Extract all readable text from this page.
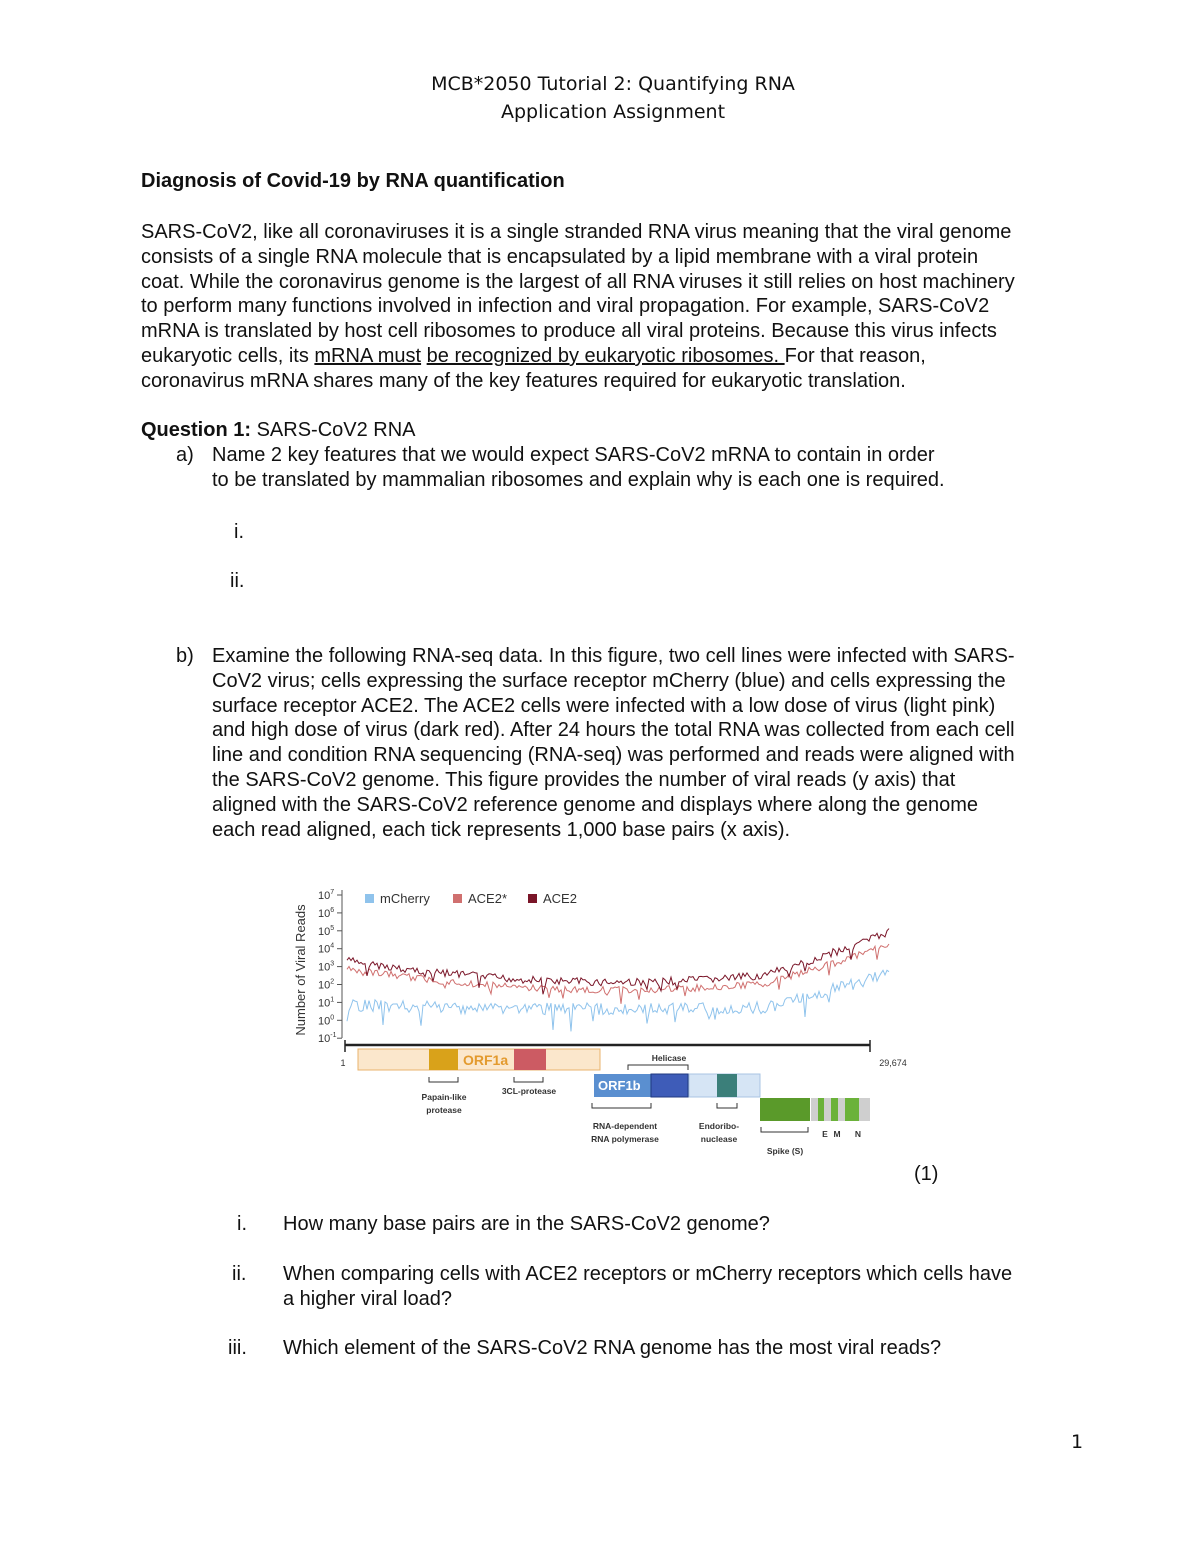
MCB*2050 Tutorial 2: Quantifying RNA
Application Assignment
Diagnosis of Covid-19 by RNA quantification
SARS-CoV2, like all coronaviruses it is a single stranded RNA virus meaning that the viral genome
consists of a single RNA molecule that is encapsulated by a lipid membrane with a viral protein
coat. While the coronavirus genome is the largest of all RNA viruses it still relies on host machinery
to perform many functions involved in infection and viral propagation. For example, SARS-CoV2
mRNA is translated by host cell ribosomes to produce all viral proteins. Because this virus infects
eukaryotic cells, its mRNA must be recognized by eukaryotic ribosomes. For that reason,
coronavirus mRNA shares many of the key features required for eukaryotic translation.
Question 1: SARS-CoV2 RNA
a) Name 2 key features that we would expect SARS-CoV2 mRNA to contain in order
to be translated by mammalian ribosomes and explain why is each one is required.
i.
ii.
b) Examine the following RNA-seq data. In this figure, two cell lines were infected with SARS-
CoV2 virus; cells expressing the surface receptor mCherry (blue) and cells expressing the
surface receptor ACE2. The ACE2 cells were infected with a low dose of virus (light pink)
and high dose of virus (dark red). After 24 hours the total RNA was collected from each cell
line and condition RNA sequencing (RNA-seq) was performed and reads were aligned with
the SARS-CoV2 genome. This figure provides the number of viral reads (y axis) that
aligned with the SARS-CoV2 reference genome and displays where along the genome
each read aligned, each tick represents 1,000 base pairs (x axis).
Number of Viral Reads
$10^7$
$10^6$
$10^5$
$10^4$
$10^3$
$10^2$
$10^1$
$10^0$
$10^{-1}$
mCherry	ACE2*	ACE2
1	29,674
ORF1a
Papain-like
protease
3CL-protease	ORF1b
Helicase
RNA-dependent
RNA polymerase
Endoribo-
nuclease
Spike (S)
E M N
(1)
i. How many base pairs are in the SARS-CoV2 genome?
ii. When comparing cells with ACE2 receptors or mCherry receptors which cells have
a higher viral load?
iii. Which element of the SARS-CoV2 RNA genome has the most viral reads?
1
